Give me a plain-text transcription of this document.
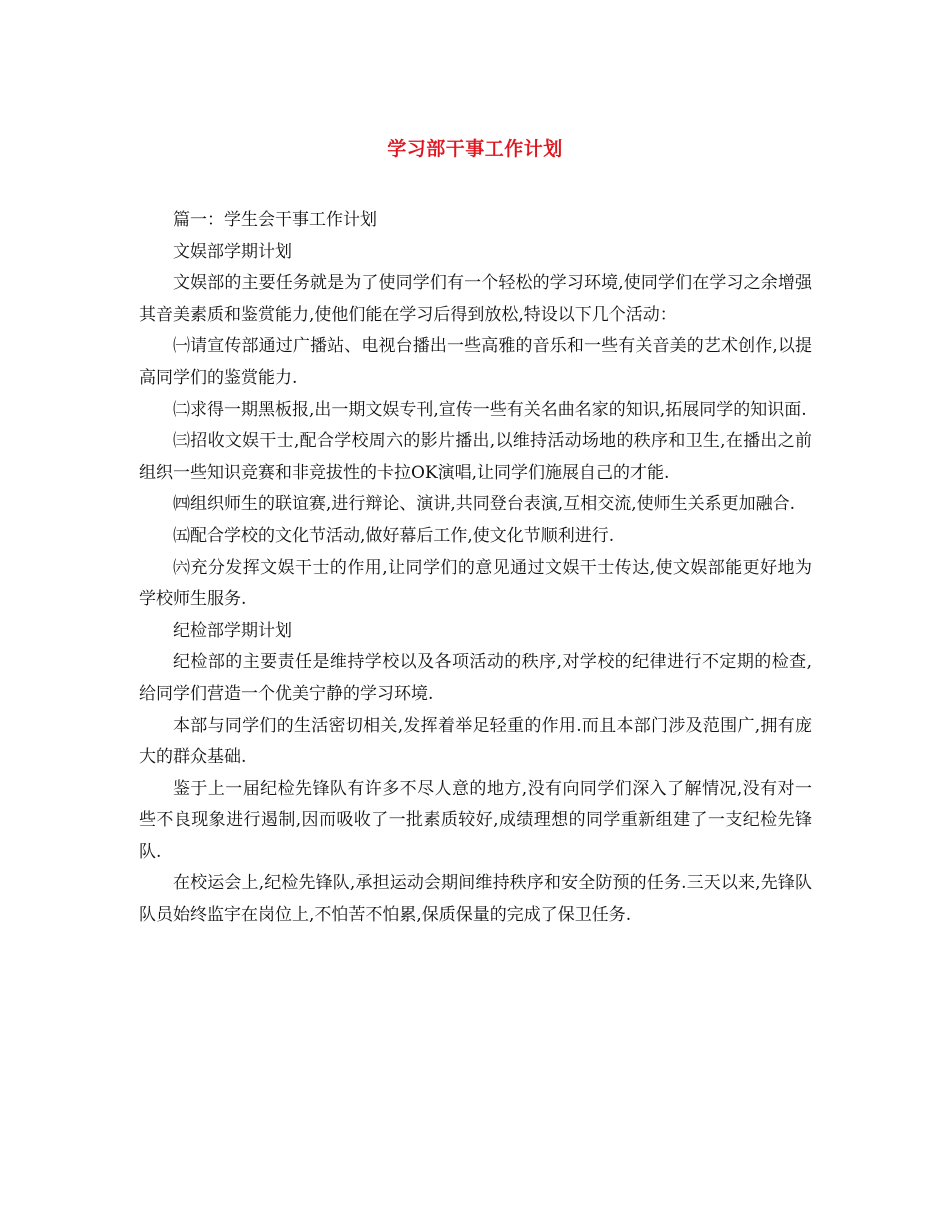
学习部干事工作计划

篇一：学生会干事工作计划

文娱部学期计划

文娱部的主要任务就是为了使同学们有一个轻松的学习环境,使同学们在学习之余增强其音美素质和鉴赏能力,使他们能在学习后得到放松,特设以下几个活动：

㈠请宣传部通过广播站、电视台播出一些高雅的音乐和一些有关音美的艺术创作,以提高同学们的鉴赏能力.

㈡求得一期黑板报,出一期文娱专刊,宣传一些有关名曲名家的知识,拓展同学的知识面.

㈢招收文娱干士,配合学校周六的影片播出,以维持活动场地的秩序和卫生,在播出之前组织一些知识竞赛和非竞拔性的卡拉OK演唱,让同学们施展自己的才能.

㈣组织师生的联谊赛,进行辩论、演讲,共同登台表演,互相交流,使师生关系更加融合.

㈤配合学校的文化节活动,做好幕后工作,使文化节顺利进行.

㈥充分发挥文娱干士的作用,让同学们的意见通过文娱干士传达,使文娱部能更好地为学校师生服务.

纪检部学期计划

纪检部的主要责任是维持学校以及各项活动的秩序,对学校的纪律进行不定期的检查,给同学们营造一个优美宁静的学习环境.

本部与同学们的生活密切相关,发挥着举足轻重的作用.而且本部门涉及范围广,拥有庞大的群众基础.

鉴于上一届纪检先锋队有许多不尽人意的地方,没有向同学们深入了解情况,没有对一些不良现象进行遏制,因而吸收了一批素质较好,成绩理想的同学重新组建了一支纪检先锋队.

在校运会上,纪检先锋队,承担运动会期间维持秩序和安全防预的任务.三天以来,先锋队队员始终监宇在岗位上,不怕苦不怕累,保质保量的完成了保卫任务.
